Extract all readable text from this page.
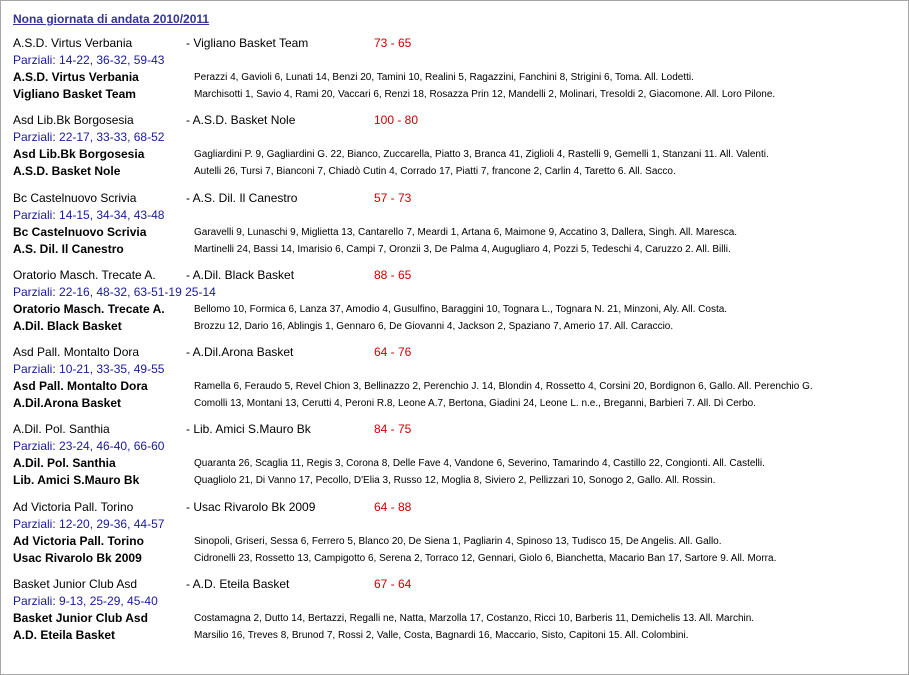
Nona giornata di andata 2010/2011
A.S.D. Virtus Verbania	- Vigliano Basket Team	73 - 65
Parziali: 14-22, 36-32, 59-43
A.S.D. Virtus Verbania	Perazzi 4, Gavioli 6, Lunati 14, Benzi 20, Tamini 10, Realini 5, Ragazzini, Fanchini 8, Strigini 6, Toma. All. Lodetti.
Vigliano Basket Team	Marchisotti 1, Savio 4, Rami 20, Vaccari 6, Renzi 18, Rosazza Prin 12, Mandelli 2, Molinari, Tresoldi 2, Giacomone. All. Loro Pilone.
Asd Lib.Bk Borgosesia	- A.S.D. Basket Nole	100 - 80
Parziali: 22-17, 33-33, 68-52
Asd Lib.Bk Borgosesia	Gagliardini P. 9, Gagliardini G. 22, Bianco, Zuccarella, Piatto 3, Branca 41, Ziglioli 4, Rastelli 9, Gemelli 1, Stanzani 11. All. Valenti.
A.S.D. Basket Nole	Autelli 26, Tursi 7, Bianconi 7, Chiadò Cutin 4, Corrado 17, Piatti 7, francone 2, Carlin 4, Taretto 6. All. Sacco.
Bc Castelnuovo Scrivia	- A.S. Dil. Il Canestro	57 - 73
Parziali: 14-15, 34-34, 43-48
Bc Castelnuovo Scrivia	Garavelli 9, Lunaschi 9, Miglietta 13, Cantarello 7, Meardi 1, Artana 6, Maimone 9, Accatino 3, Dallera, Singh. All. Maresca.
A.S. Dil. Il Canestro	Martinelli 24, Bassi 14, Imarisio 6, Campi 7, Oronzii 3, De Palma 4, Augugliaro 4, Pozzi 5, Tedeschi 4, Caruzzo 2. All. Billi.
Oratorio Masch. Trecate A.	- A.Dil. Black Basket	88 - 65
Parziali: 22-16, 48-32, 63-51-19 25-14
Oratorio Masch. Trecate A.	Bellomo 10, Formica 6, Lanza 37, Amodio 4, Gusulfino, Baraggini 10, Tognara L., Tognara N. 21, Minzoni, Aly. All. Costa.
A.Dil. Black Basket	Brozzu 12, Dario 16, Ablingis 1, Gennaro 6, De Giovanni 4, Jackson 2, Spaziano 7, Amerio 17. All. Caraccio.
Asd Pall. Montalto Dora	- A.Dil.Arona Basket	64 - 76
Parziali: 10-21, 33-35, 49-55
Asd Pall. Montalto Dora	Ramella 6, Feraudo 5, Revel Chion 3, Bellinazzo 2, Perenchio J. 14, Blondin 4, Rossetto 4, Corsini 20, Bordignon 6, Gallo. All. Perenchio G.
A.Dil.Arona Basket	Comolli 13, Montani 13, Cerutti 4, Peroni R.8, Leone A.7, Bertona, Giadini 24, Leone L. n.e., Breganni, Barbieri 7. All. Di Cerbo.
A.Dil. Pol. Santhia	- Lib. Amici S.Mauro Bk	84 - 75
Parziali: 23-24, 46-40, 66-60
A.Dil. Pol. Santhia	Quaranta 26, Scaglia 11, Regis 3, Corona 8, Delle Fave 4, Vandone 6, Severino, Tamarindo 4, Castillo 22, Congionti. All. Castelli.
Lib. Amici S.Mauro Bk	Quagliolo 21, Di Vanno 17, Pecollo, D'Elia 3, Russo 12, Moglia 8, Siviero 2, Pellizzari 10, Sonogo 2, Gallo. All. Rossin.
Ad Victoria Pall. Torino	- Usac Rivarolo Bk 2009	64 - 88
Parziali: 12-20, 29-36, 44-57
Ad Victoria Pall. Torino	Sinopoli, Griseri, Sessa 6, Ferrero 5, Blanco 20, De Siena 1, Pagliarin 4, Spinoso 13, Tudisco 15, De Angelis. All. Gallo.
Usac Rivarolo Bk 2009	Cidronelli 23, Rossetto 13, Campigotto 6, Serena 2, Torraco 12, Gennari, Giolo 6, Bianchetta, Macario Ban 17, Sartore 9. All. Morra.
Basket Junior Club Asd	- A.D. Eteila Basket	67 - 64
Parziali: 9-13, 25-29, 45-40
Basket Junior Club Asd	Costamagna 2, Dutto 14, Bertazzi, Regalli ne, Natta, Marzolla 17, Costanzo, Ricci 10, Barberis 11, Demichelis 13. All. Marchin.
A.D. Eteila Basket	Marsilio 16, Treves 8, Brunod 7, Rossi 2, Valle, Costa, Bagnardi 16, Maccario, Sisto, Capitoni 15. All. Colombini.
